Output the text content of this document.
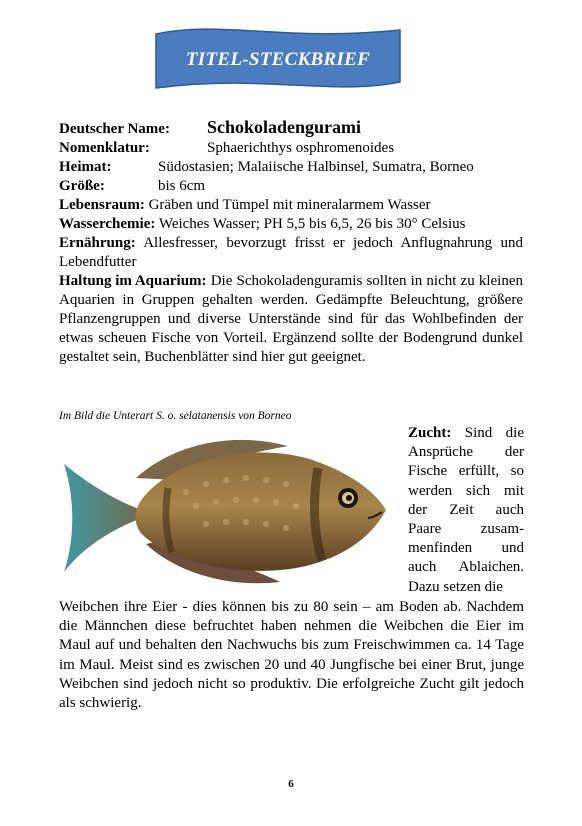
TITEL-STECKBRIEF
Deutscher Name: Schokoladengurami
Nomenklatur:	Sphaerichthys osphromenoides
Heimat:	Südostasien; Malaiische Halbinsel, Sumatra, Borneo
Größe:	bis 6cm
Lebensraum: Gräben und Tümpel mit mineralarmem Wasser
Wasserchemie: Weiches Wasser; PH 5,5 bis 6,5, 26 bis 30° Celsius
Ernährung: Allesfresser, bevorzugt frisst er jedoch Anflugnahrung und Lebendfutter
Haltung im Aquarium: Die Schokoladenguramis sollten in nicht zu kleinen Aquarien in Gruppen gehalten werden. Gedämpfte Beleuchtung, größere Pflanzengruppen und diverse Unterstände sind für das Wohlbefinden der etwas scheuen Fische von Vorteil. Ergänzend sollte der Bodengrund dunkel gestaltet sein, Buchenblätter sind hier gut geeignet.
Im Bild die Unterart S. o. selatanensis von Borneo
Zucht: Sind die Ansprüche der Fische erfüllt, so werden sich mit der Zeit auch Paare zusam-menfinden und auch Ablaichen. Dazu setzen die
Weibchen ihre Eier - dies können bis zu 80 sein – am Boden ab. Nachdem die Männchen diese befruchtet haben nehmen die Weibchen die Eier im Maul auf und behalten den Nachwuchs bis zum Freischwimmen ca. 14 Tage im Maul. Meist sind es zwischen 20 und 40 Jungfische bei einer Brut, junge Weibchen sind jedoch nicht so produktiv. Die erfolgreiche Zucht gilt jedoch als schwierig.
6
